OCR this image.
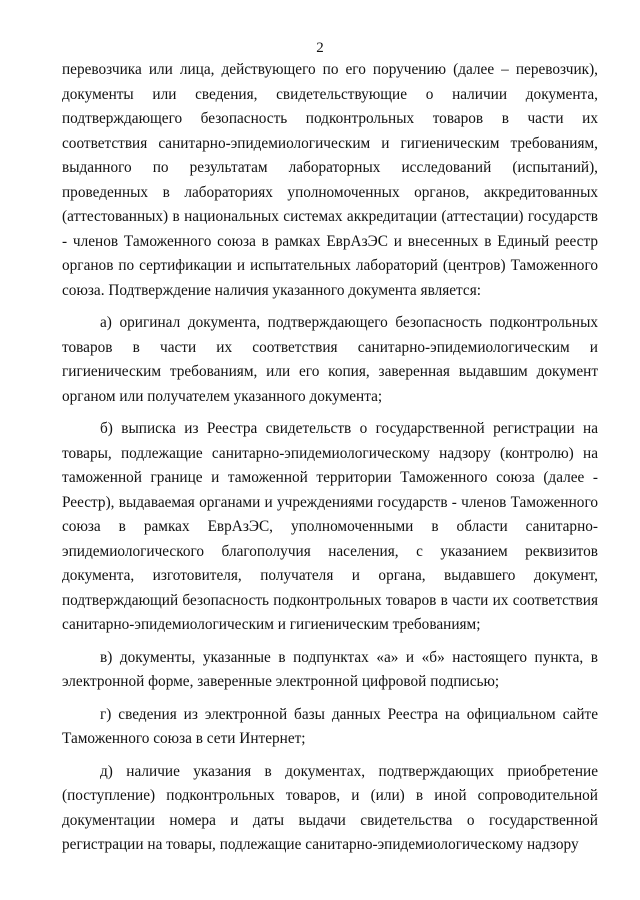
2

перевозчика или лица, действующего по его поручению (далее – перевозчик), документы или сведения, свидетельствующие о наличии документа, подтверждающего безопасность подконтрольных товаров в части их соответствия санитарно-эпидемиологическим и гигиеническим требованиям, выданного по результатам лабораторных исследований (испытаний), проведенных в лабораториях уполномоченных органов, аккредитованных (аттестованных) в национальных системах аккредитации (аттестации) государств - членов Таможенного союза в рамках ЕврАзЭС и внесенных в Единый реестр органов по сертификации и испытательных лабораторий (центров) Таможенного союза. Подтверждение наличия указанного документа является:

а) оригинал документа, подтверждающего безопасность подконтрольных товаров в части их соответствия санитарно-эпидемиологическим и гигиеническим требованиям, или его копия, заверенная выдавшим документ органом или получателем указанного документа;

б) выписка из Реестра свидетельств о государственной регистрации на товары, подлежащие санитарно-эпидемиологическому надзору (контролю) на таможенной границе и таможенной территории Таможенного союза (далее - Реестр), выдаваемая органами и учреждениями государств - членов Таможенного союза в рамках ЕврАзЭС, уполномоченными в области санитарно-эпидемиологического благополучия населения, с указанием реквизитов документа, изготовителя, получателя и органа, выдавшего документ, подтверждающий безопасность подконтрольных товаров в части их соответствия санитарно-эпидемиологическим и гигиеническим требованиям;

в) документы, указанные в подпунктах «а» и «б» настоящего пункта, в электронной форме, заверенные электронной цифровой подписью;

г) сведения из электронной базы данных Реестра на официальном сайте Таможенного союза в сети Интернет;

д) наличие указания в документах, подтверждающих приобретение (поступление) подконтрольных товаров, и (или) в иной сопроводительной документации номера и даты выдачи свидетельства о государственной регистрации на товары, подлежащие санитарно-эпидемиологическому надзору
